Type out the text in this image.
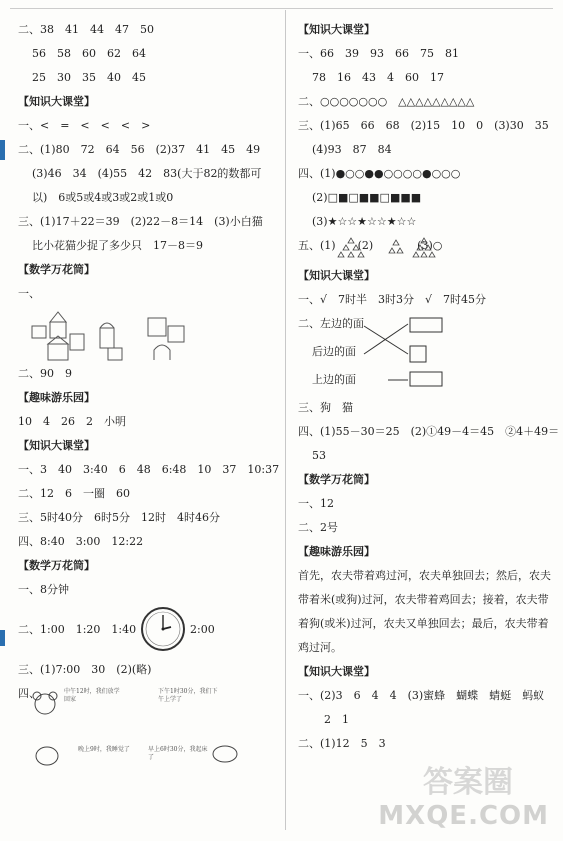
二、38　41　44　47　50
56　58　60　62　64
25　30　35　40　45
【知识大课堂】
一、<　=　<　<　<　>
二、(1)80　72　64　56　(2)37　41　45　49
(3)46　34　(4)55　42　83(大于82的数都可
以)　6或5或4或3或2或1或0
三、(1)17＋22＝39　(2)22－8＝14　(3)小白猫
比小花猫少捉了多少只　17－8＝9
【数学万花筒】
一、
二、90　9
【趣味游乐园】
10　4　26　2　小明
【知识大课堂】
一、3　40　3:40　6　48　6:48　10　37　10:37
二、12　6　一圈　60
三、5时40分　6时5分　12时　4时46分
四、8:40　3:00　12:22
【数学万花筒】
一、8分钟
二、1:00　1:20　1:40	2:00
三、(1)7:00　30　(2)(略)
四、	中午12时，我们放学回家
下午1时30分，我们下午上学了
晚上9时，我睡觉了	早上6时30分，我起床了
【知识大课堂】
一、66　39　93　66　75　81
78　16　43　4　60　17
二、○○○○○○○　△△△△△△△△△
三、(1)65　66　68　(2)15　10　0　(3)30　35
(4)93　87　84
四、(1)●○○●●○○○○●○○○
(2)□■□■■□■■■
(3)★☆☆★☆☆★☆☆
五、(1)　　(2)　　　　(3)○
【知识大课堂】
一、√　7时半　3时3分　√　7时45分
二、左边的面
后边的面
上边的面
三、狗　猫
四、(1)55－30＝25　(2)①49－4＝45　②4＋49＝
53
【数学万花筒】
一、12
二、2号
【趣味游乐园】
首先，农夫带着鸡过河，农夫单独回去；然后，农夫
带着米(或狗)过河，农夫带着鸡回去；接着，农夫带
着狗(或米)过河，农夫又单独回去；最后，农夫带着
鸡过河。
【知识大课堂】
一、(2)3　6　4　4　(3)蜜蜂　蝴蝶　蜻蜓　蚂蚁
2　1
二、(1)12　5　3
答案圈
MXQE.COM
